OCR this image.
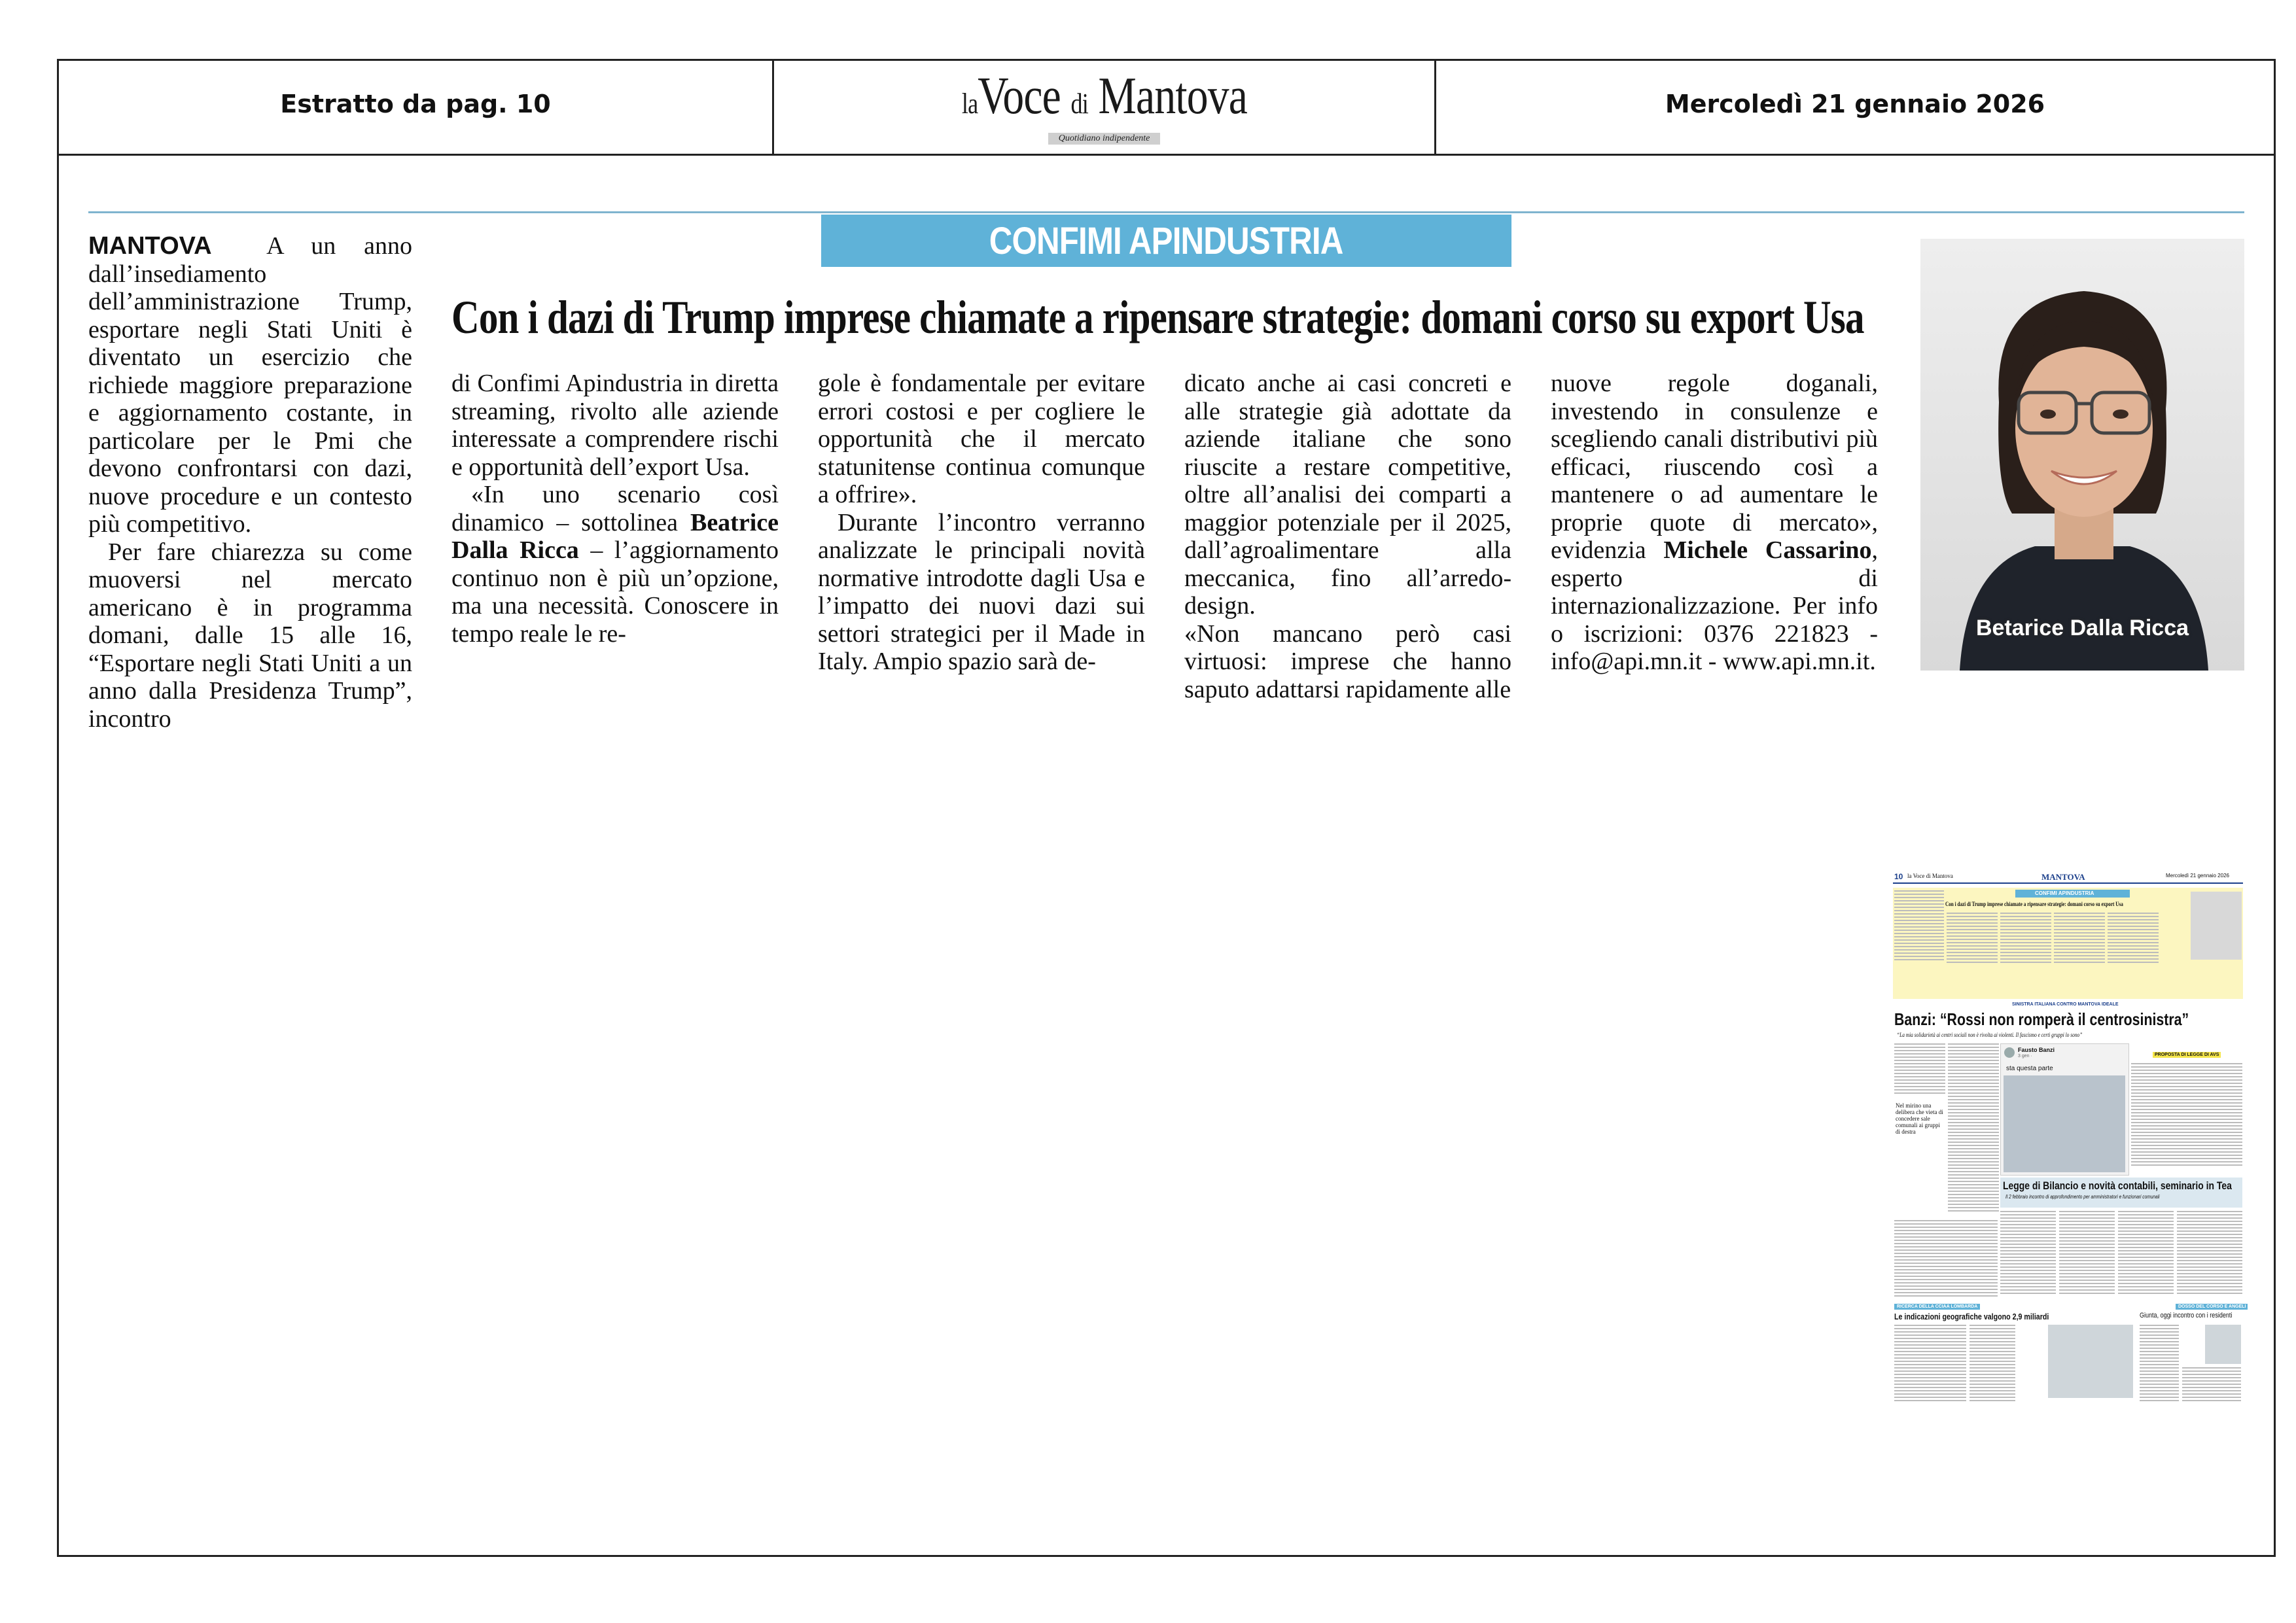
Estratto da pag. 10	laVoce di Mantova
Quotidiano indipendente
Mercoledì 21 gennaio 2026
CONFIMI APINDUSTRIA
Con i dazi di Trump imprese chiamate a ripensare strategie: domani corso su export Usa

MANTOVA A un anno dall’insediamento dell’amministrazione Trump, esportare negli Stati Uniti è diventato un esercizio che richiede maggiore preparazione e aggiornamento costante, in particolare per le Pmi che devono confrontarsi con dazi, nuove procedure e un contesto più competitivo.

Per fare chiarezza su come muoversi nel mercato americano è in programma domani, dalle 15 alle 16, “Esportare negli Stati Uniti a un anno dalla Presidenza Trump”, incontro

di Confimi Apindustria in diretta streaming, rivolto alle aziende interessate a comprendere rischi e opportunità dell’export Usa.

«In uno scenario così dinamico – sottolinea Beatrice Dalla Ricca – l’aggiornamento continuo non è più un’opzione, ma una necessità. Conoscere in tempo reale le re-

gole è fondamentale per evitare errori costosi e per cogliere le opportunità che il mercato statunitense continua comunque a offrire».

Durante l’incontro verranno analizzate le principali novità normative introdotte dagli Usa e l’impatto dei nuovi dazi sui settori strategici per il Made in Italy. Ampio spazio sarà de-

dicato anche ai casi concreti e alle strategie già adottate da aziende italiane che sono riuscite a restare competitive, oltre all’analisi dei comparti a maggior potenziale per il 2025, dall’agroalimentare alla meccanica, fino all’arredo-design.

«Non mancano però casi virtuosi: imprese che hanno saputo adattarsi rapidamente alle

nuove regole doganali, investendo in consulenze e scegliendo canali distributivi più efficaci, riuscendo così a mantenere o ad aumentare le proprie quote di mercato», evidenzia Michele Cassarino, esperto di internazionalizzazione. Per info o iscrizioni: 0376 221823 - info@api.mn.it - www.api.mn.it.

Betarice Dalla Ricca
10 la Voce di Mantova	MANTOVA	Mercoledì 21 gennaio 2026
CONFIMI APINDUSTRIA
Con i dazi di Trump imprese chiamate a ripensare strategie: domani corso su export Usa
SINISTRA ITALIANA CONTRO MANTOVA IDEALE
Banzi: “Rossi non romperà il centrosinistra”
“La mia solidarietà ai centri sociali non è rivolta ai violenti. Il fascismo e certi gruppi lo sono”
Fausto Banzi
3 gen ·
sta questa parte
PROPOSTA DI LEGGE DI AVS
Nel mirino una delibera che vieta di concedere sale comunali ai gruppi di destra
Legge di Bilancio e novità contabili, seminario in Tea
Il 2 febbraio incontro di approfondimento per amministratori e funzionari comunali
RICERCA DELLA CCIAA LOMBARDA
Le indicazioni geografiche valgono 2,9 miliardi
DOSSO DEL CORSO E ANGELI
Giunta, oggi incontro con i residenti
